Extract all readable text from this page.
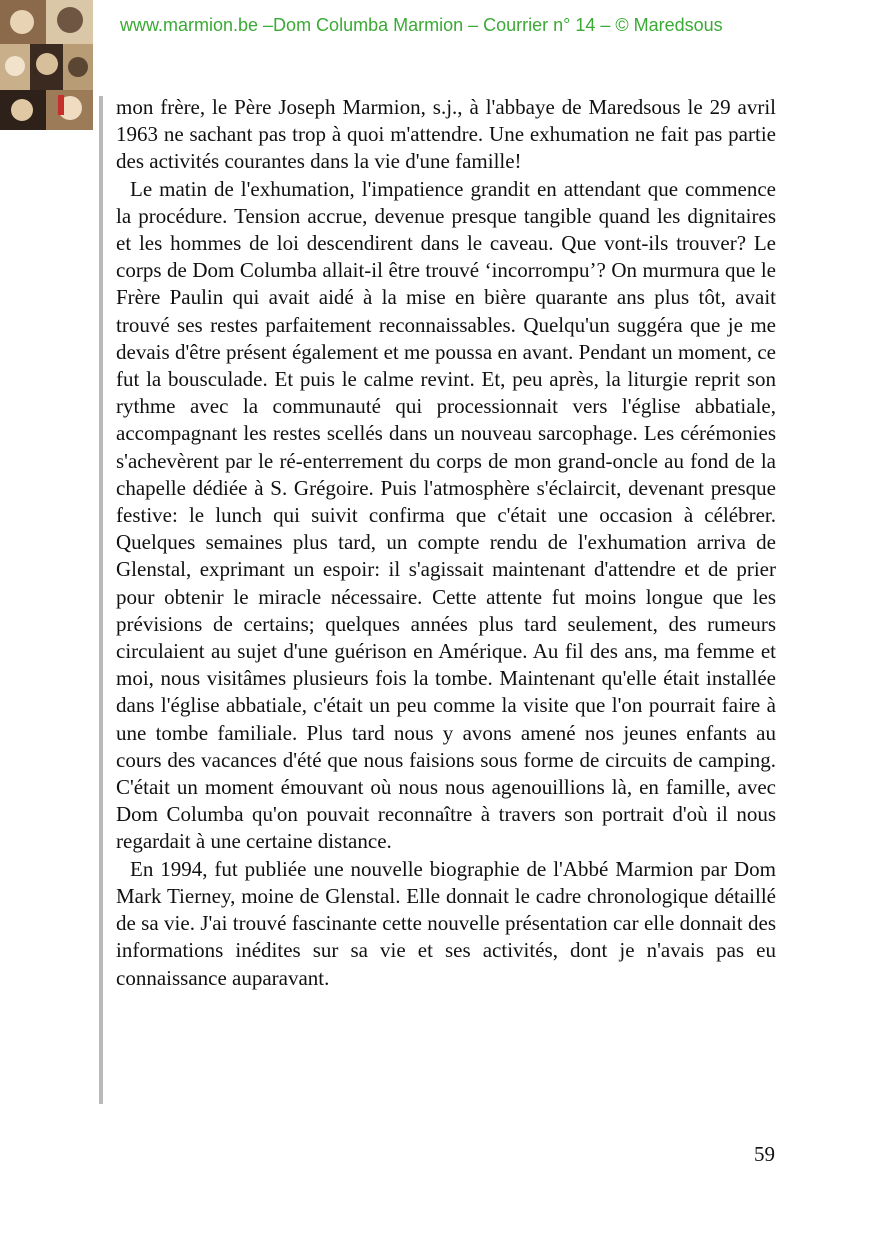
www.marmion.be –Dom Columba Marmion – Courrier n° 14 – © Maredsous

mon frère, le Père Joseph Marmion, s.j., à l'abbaye de Maredsous le 29 avril 1963 ne sachant pas trop à quoi m'attendre. Une exhumation ne fait pas partie des activités courantes dans la vie d'une famille!

Le matin de l'exhumation, l'impatience grandit en attendant que commence la procédure. Tension accrue, devenue presque tangible quand les dignitaires et les hommes de loi descendirent dans le caveau. Que vont-ils trouver? Le corps de Dom Columba allait-il être trouvé ‘incorrompu’? On murmura que le Frère Paulin qui avait aidé à la mise en bière quarante ans plus tôt, avait trouvé ses restes parfaitement reconnaissables. Quelqu'un suggéra que je me devais d'être présent également et me poussa en avant. Pendant un moment, ce fut la bousculade. Et puis le calme revint. Et, peu après, la liturgie reprit son rythme avec la communauté qui processionnait vers l'église abbatiale, accompagnant les restes scellés dans un nouveau sarcophage. Les cérémonies s'achevèrent par le ré-enterrement du corps de mon grand-oncle au fond de la chapelle dédiée à S. Grégoire. Puis l'atmosphère s'éclaircit, devenant presque festive: le lunch qui suivit confirma que c'était une occasion à célébrer. Quelques semaines plus tard, un compte rendu de l'exhumation arriva de Glenstal, exprimant un espoir: il s'agissait maintenant d'attendre et de prier pour obtenir le miracle nécessaire. Cette attente fut moins longue que les prévisions de certains; quelques années plus tard seulement, des rumeurs circulaient au sujet d'une guérison en Amérique. Au fil des ans, ma femme et moi, nous visitâmes plusieurs fois la tombe. Maintenant qu'elle était installée dans l'église abbatiale, c'était un peu comme la visite que l'on pourrait faire à une tombe familiale. Plus tard nous y avons amené nos jeunes enfants au cours des vacances d'été que nous faisions sous forme de circuits de camping. C'était un moment émouvant où nous nous agenouillions là, en famille, avec Dom Columba qu'on pouvait reconnaître à travers son portrait d'où il nous regardait à une certaine distance.

En 1994, fut publiée une nouvelle biographie de l'Abbé Marmion par Dom Mark Tierney, moine de Glenstal. Elle donnait le cadre chronologique détaillé de sa vie. J'ai trouvé fascinante cette nouvelle présentation car elle donnait des informations inédites sur sa vie et ses activités, dont je n'avais pas eu connaissance auparavant.

59
